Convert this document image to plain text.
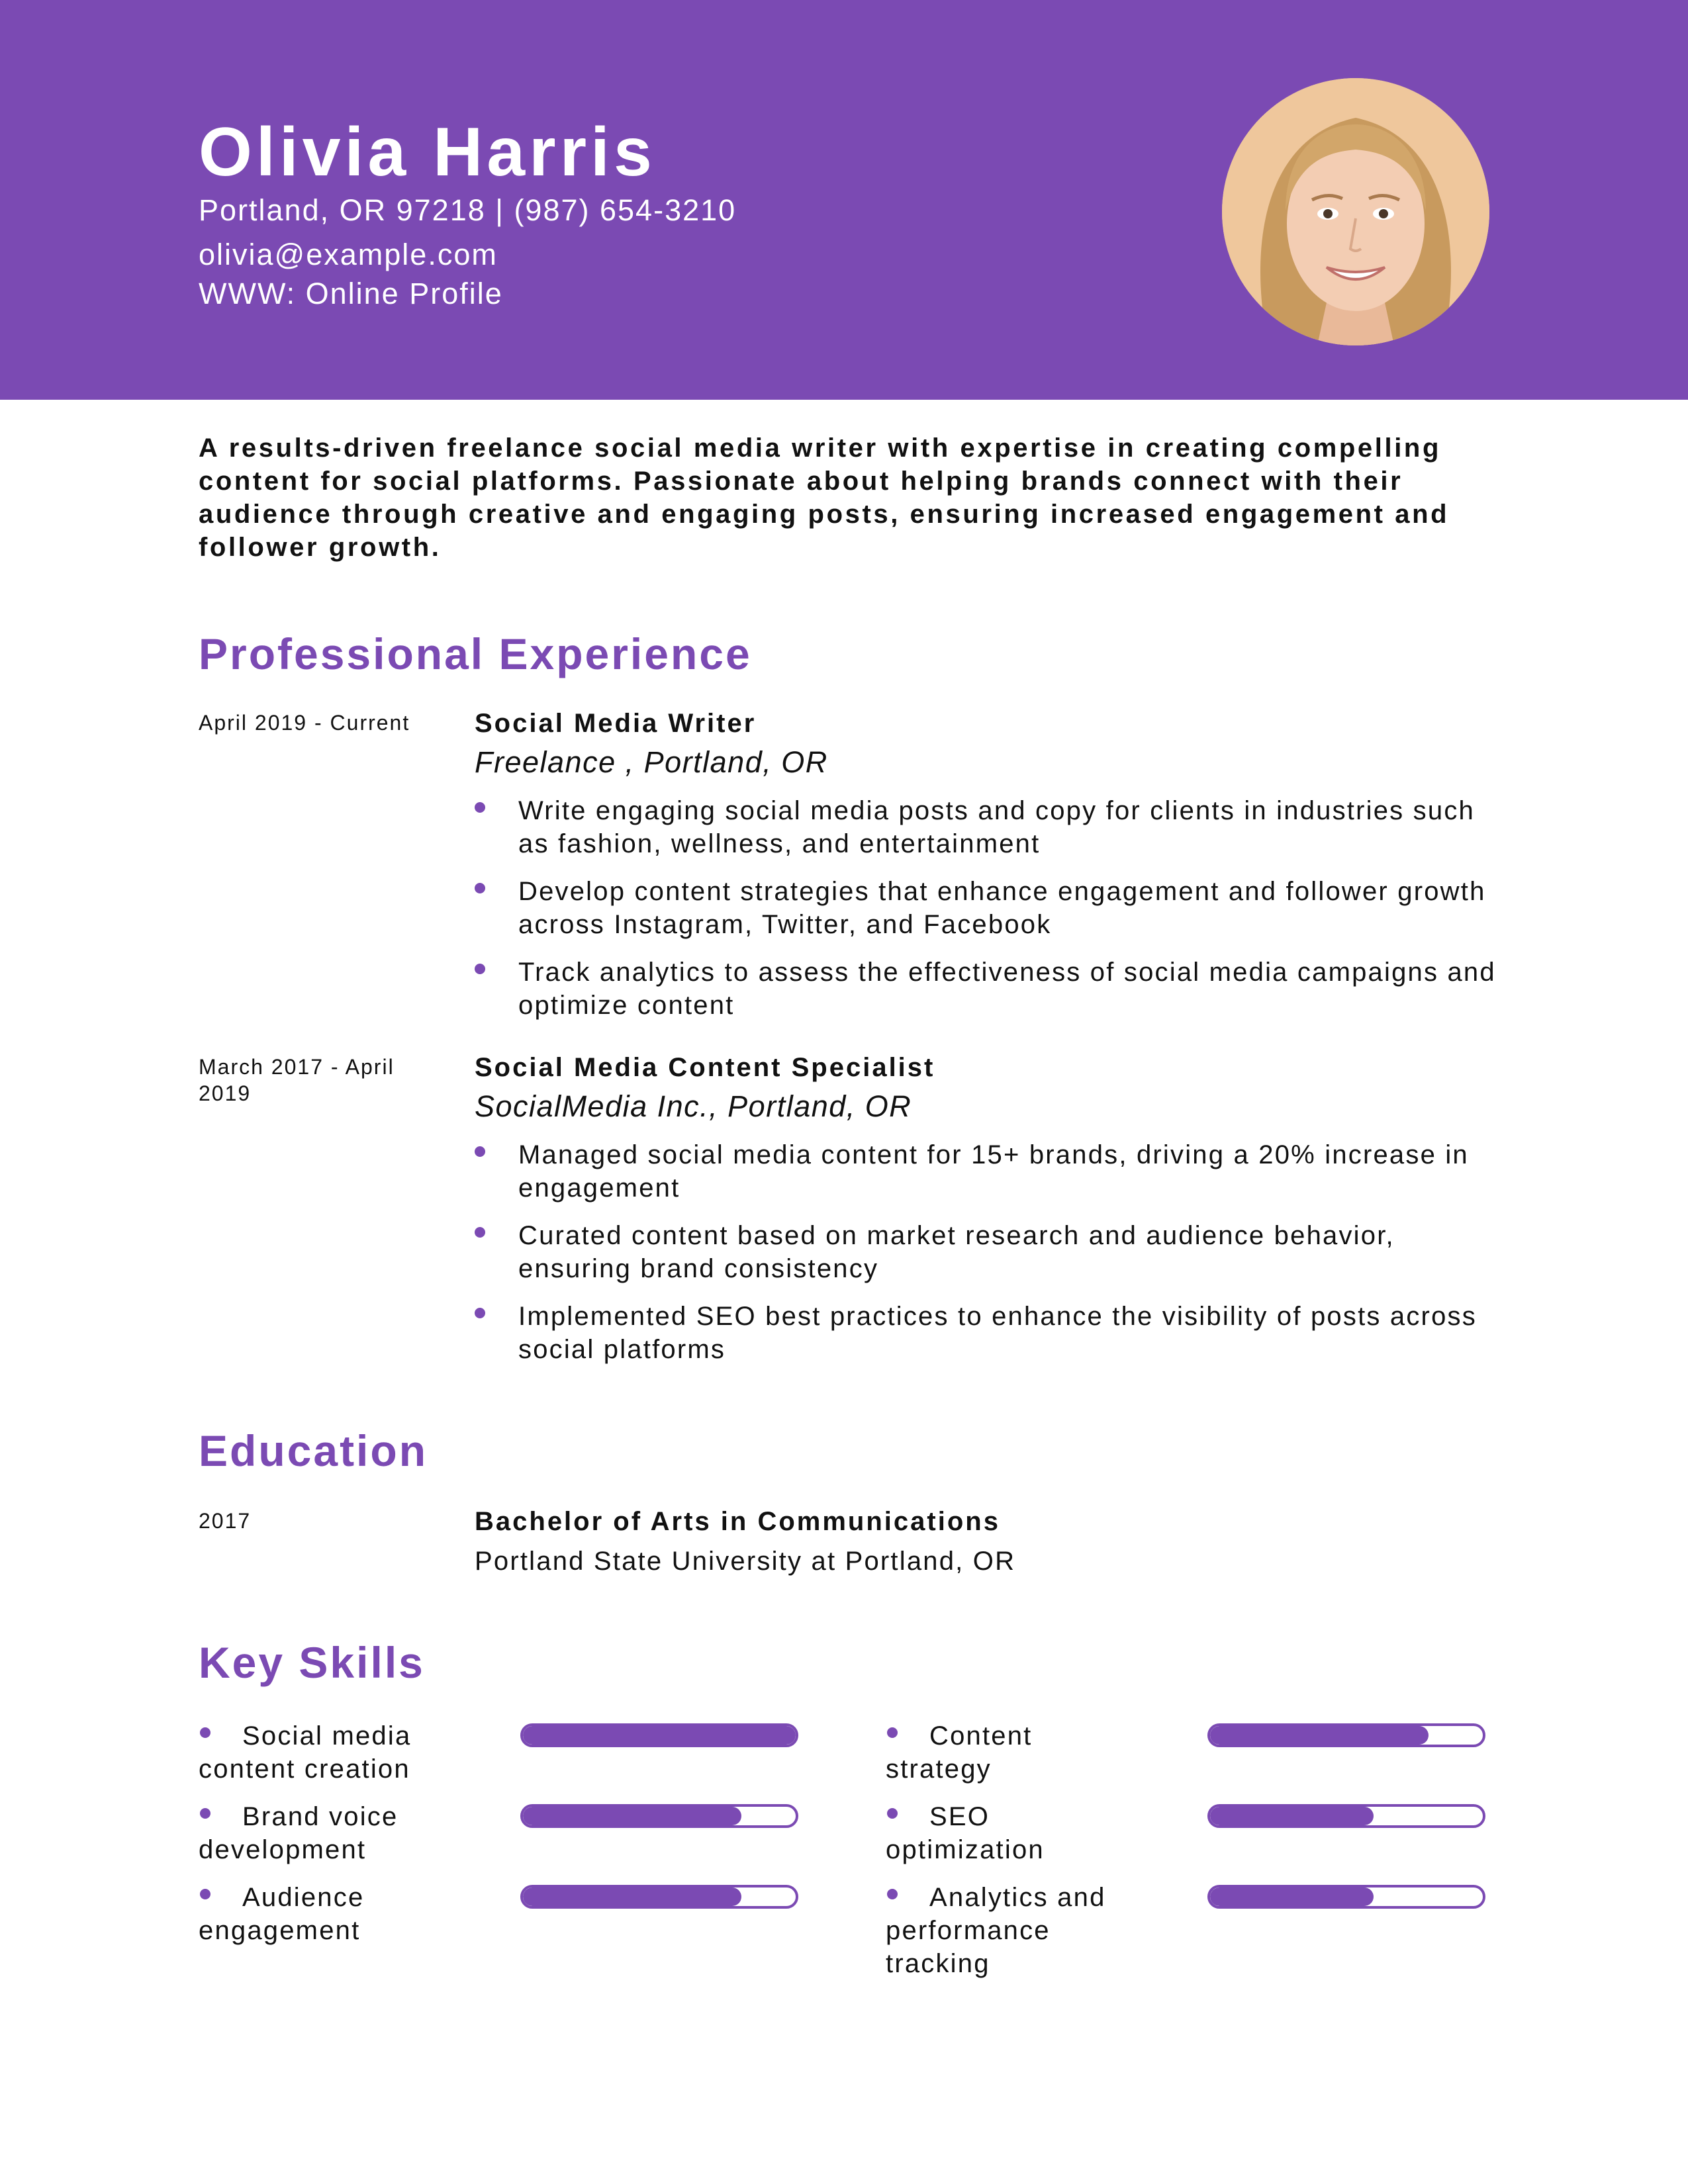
Olivia Harris
Portland, OR 97218 | (987) 654-3210
olivia@example.com
WWW: Online Profile
A results-driven freelance social media writer with expertise in creating compelling content for social platforms. Passionate about helping brands connect with their audience through creative and engaging posts, ensuring increased engagement and follower growth.
Professional Experience
April 2019 - Current	Social Media Writer
Freelance , Portland, OR
Write engaging social media posts and copy for clients in industries such as fashion, wellness, and entertainment
Develop content strategies that enhance engagement and follower growth across Instagram, Twitter, and Facebook
Track analytics to assess the effectiveness of social media campaigns and optimize content
March 2017 - April 2019
Social Media Content Specialist
SocialMedia Inc., Portland, OR
Managed social media content for 15+ brands, driving a 20% increase in engagement
Curated content based on market research and audience behavior, ensuring brand consistency
Implemented SEO best practices to enhance the visibility of posts across social platforms
Education
2017	Bachelor of Arts in Communications
Portland State University at Portland, OR
Key Skills
Social media content creation
Brand voice development
Audience engagement
Content strategy
SEO optimization
Analytics and performance tracking
